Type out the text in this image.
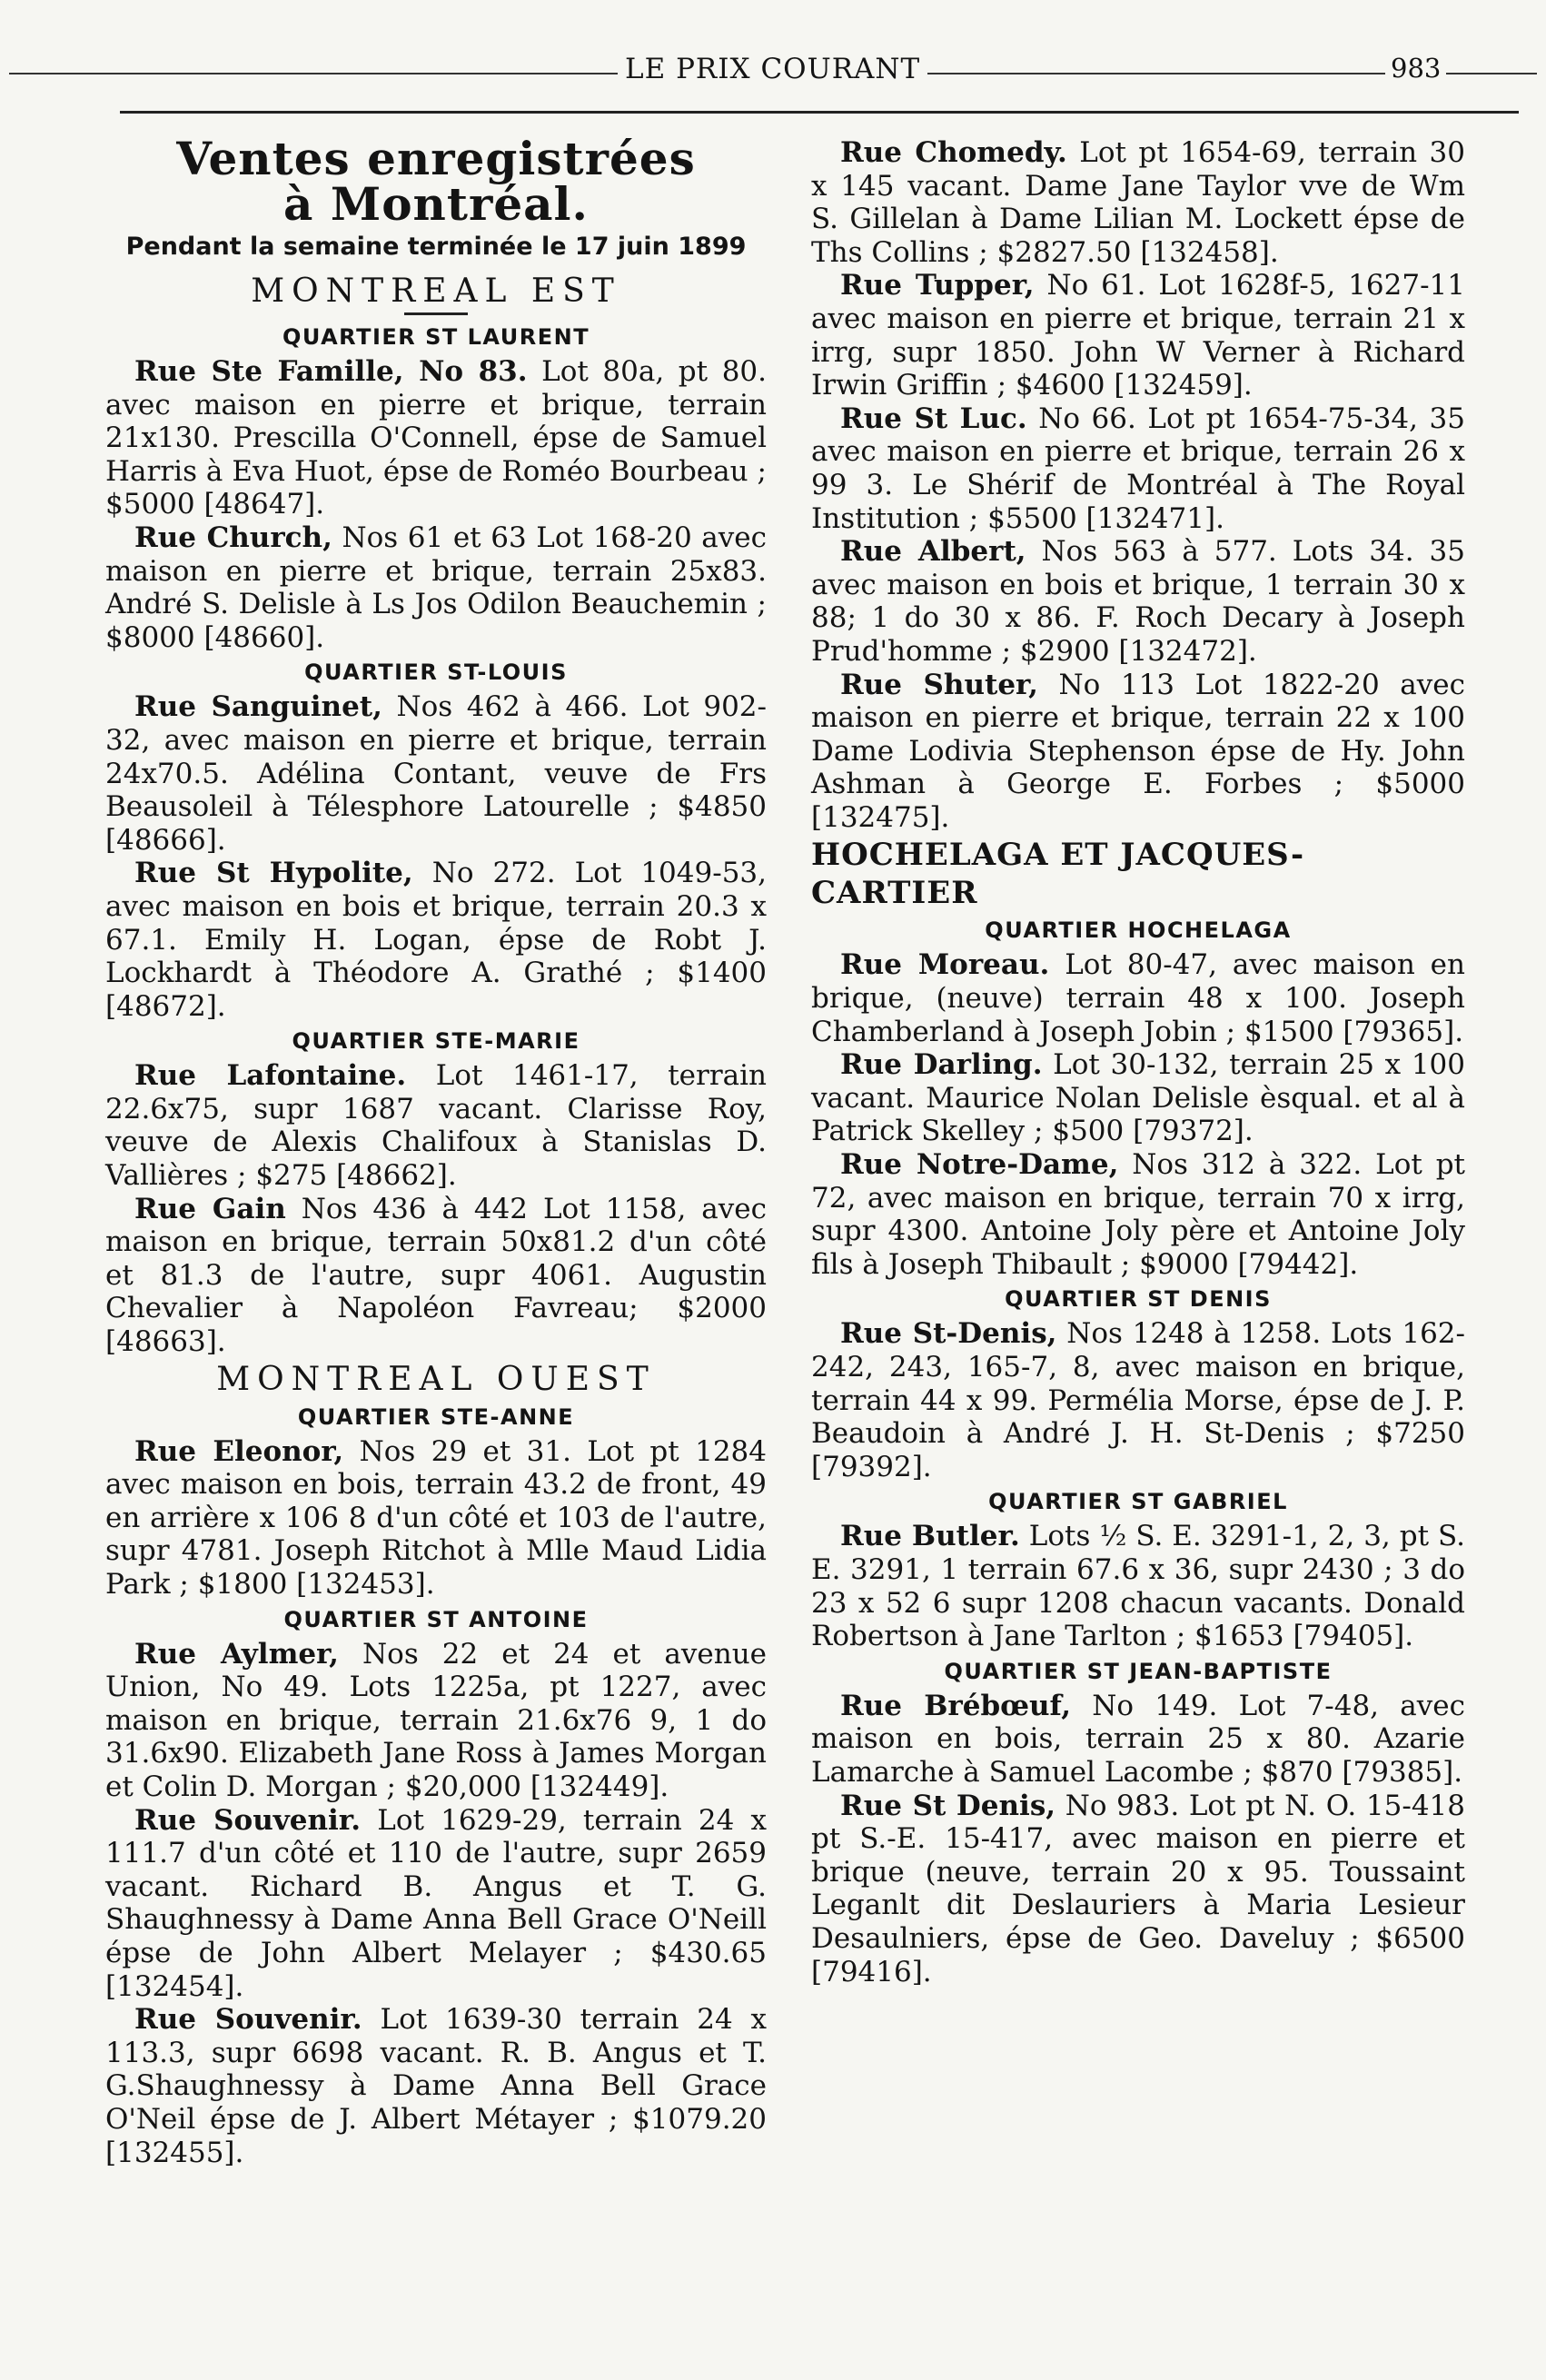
LE PRIX COURANT	983
Ventes enregistrées
à Montréal.
Pendant la semaine terminée le 17 juin 1899
MONTREAL EST
QUARTIER ST LAURENT

Rue Ste Famille, No 83. Lot 80a, pt 80. avec maison en pierre et brique, terrain 21x130. Prescilla O'Connell, épse de Samuel Harris à Eva Huot, épse de Roméo Bourbeau ; $5000 [48647].

Rue Church, Nos 61 et 63 Lot 168-20 avec maison en pierre et brique, terrain 25x83. André S. Delisle à Ls Jos Odilon Beauchemin ; $8000 [48660].

QUARTIER ST-LOUIS

Rue Sanguinet, Nos 462 à 466. Lot 902-32, avec maison en pierre et brique, terrain 24x70.5. Adélina Contant, veuve de Frs Beausoleil à Télesphore Latourelle ; $4850 [48666].

Rue St Hypolite, No 272. Lot 1049-53, avec maison en bois et brique, terrain 20.3 x 67.1. Emily H. Logan, épse de Robt J. Lockhardt à Théodore A. Grathé ; $1400 [48672].

QUARTIER STE-MARIE

Rue Lafontaine. Lot 1461-17, terrain 22.6x75, supr 1687 vacant. Clarisse Roy, veuve de Alexis Chalifoux à Stanislas D. Vallières ; $275 [48662].

Rue Gain Nos 436 à 442 Lot 1158, avec maison en brique, terrain 50x81.2 d'un côté et 81.3 de l'autre, supr 4061. Augustin Chevalier à Napoléon Favreau; $2000 [48663].

MONTREAL OUEST
QUARTIER STE-ANNE

Rue Eleonor, Nos 29 et 31. Lot pt 1284 avec maison en bois, terrain 43.2 de front, 49 en arrière x 106 8 d'un côté et 103 de l'autre, supr 4781. Joseph Ritchot à Mlle Maud Lidia Park ; $1800 [132453].

QUARTIER ST ANTOINE

Rue Aylmer, Nos 22 et 24 et avenue Union, No 49. Lots 1225a, pt 1227, avec maison en brique, terrain 21.6x76 9, 1 do 31.6x90. Elizabeth Jane Ross à James Morgan et Colin D. Morgan ; $20,000 [132449].

Rue Souvenir. Lot 1629-29, terrain 24 x 111.7 d'un côté et 110 de l'autre, supr 2659 vacant. Richard B. Angus et T. G. Shaughnessy à Dame Anna Bell Grace O'Neill épse de John Albert Melayer ; $430.65 [132454].

Rue Souvenir. Lot 1639-30 terrain 24 x 113.3, supr 6698 vacant. R. B. Angus et T. G.Shaughnessy à Dame Anna Bell Grace O'Neil épse de J. Albert Métayer ; $1079.20 [132455].

Rue Chomedy. Lot pt 1654-69, terrain 30 x 145 vacant. Dame Jane Taylor vve de Wm S. Gillelan à Dame Lilian M. Lockett épse de Ths Collins ; $2827.50 [132458].

Rue Tupper, No 61. Lot 1628f-5, 1627-11 avec maison en pierre et brique, terrain 21 x irrg, supr 1850. John W Verner à Richard Irwin Griffin ; $4600 [132459].

Rue St Luc. No 66. Lot pt 1654-75-34, 35 avec maison en pierre et brique, terrain 26 x 99 3. Le Shérif de Montréal à The Royal Institution ; $5500 [132471].

Rue Albert, Nos 563 à 577. Lots 34. 35 avec maison en bois et brique, 1 terrain 30 x 88; 1 do 30 x 86. F. Roch Decary à Joseph Prud'homme ; $2900 [132472].

Rue Shuter, No 113 Lot 1822-20 avec maison en pierre et brique, terrain 22 x 100 Dame Lodivia Stephenson épse de Hy. John Ashman à George E. Forbes ; $5000 [132475].

HOCHELAGA ET JACQUES-CARTIER
QUARTIER HOCHELAGA

Rue Moreau. Lot 80-47, avec maison en brique, (neuve) terrain 48 x 100. Joseph Chamberland à Joseph Jobin ; $1500 [79365].

Rue Darling. Lot 30-132, terrain 25 x 100 vacant. Maurice Nolan Delisle èsqual. et al à Patrick Skelley ; $500 [79372].

Rue Notre-Dame, Nos 312 à 322. Lot pt 72, avec maison en brique, terrain 70 x irrg, supr 4300. Antoine Joly père et Antoine Joly fils à Joseph Thibault ; $9000 [79442].

QUARTIER ST DENIS

Rue St-Denis, Nos 1248 à 1258. Lots 162-242, 243, 165-7, 8, avec maison en brique, terrain 44 x 99. Permélia Morse, épse de J. P. Beaudoin à André J. H. St-Denis ; $7250 [79392].

QUARTIER ST GABRIEL

Rue Butler. Lots ½ S. E. 3291-1, 2, 3, pt S. E. 3291, 1 terrain 67.6 x 36, supr 2430 ; 3 do 23 x 52 6 supr 1208 chacun vacants. Donald Robertson à Jane Tarlton ; $1653 [79405].

QUARTIER ST JEAN-BAPTISTE

Rue Brébœuf, No 149. Lot 7-48, avec maison en bois, terrain 25 x 80. Azarie Lamarche à Samuel Lacombe ; $870 [79385].

Rue St Denis, No 983. Lot pt N. O. 15-418 pt S.-E. 15-417, avec maison en pierre et brique (neuve, terrain 20 x 95. Toussaint Leganlt dit Deslauriers à Maria Lesieur Desaulniers, épse de Geo. Daveluy ; $6500 [79416].
